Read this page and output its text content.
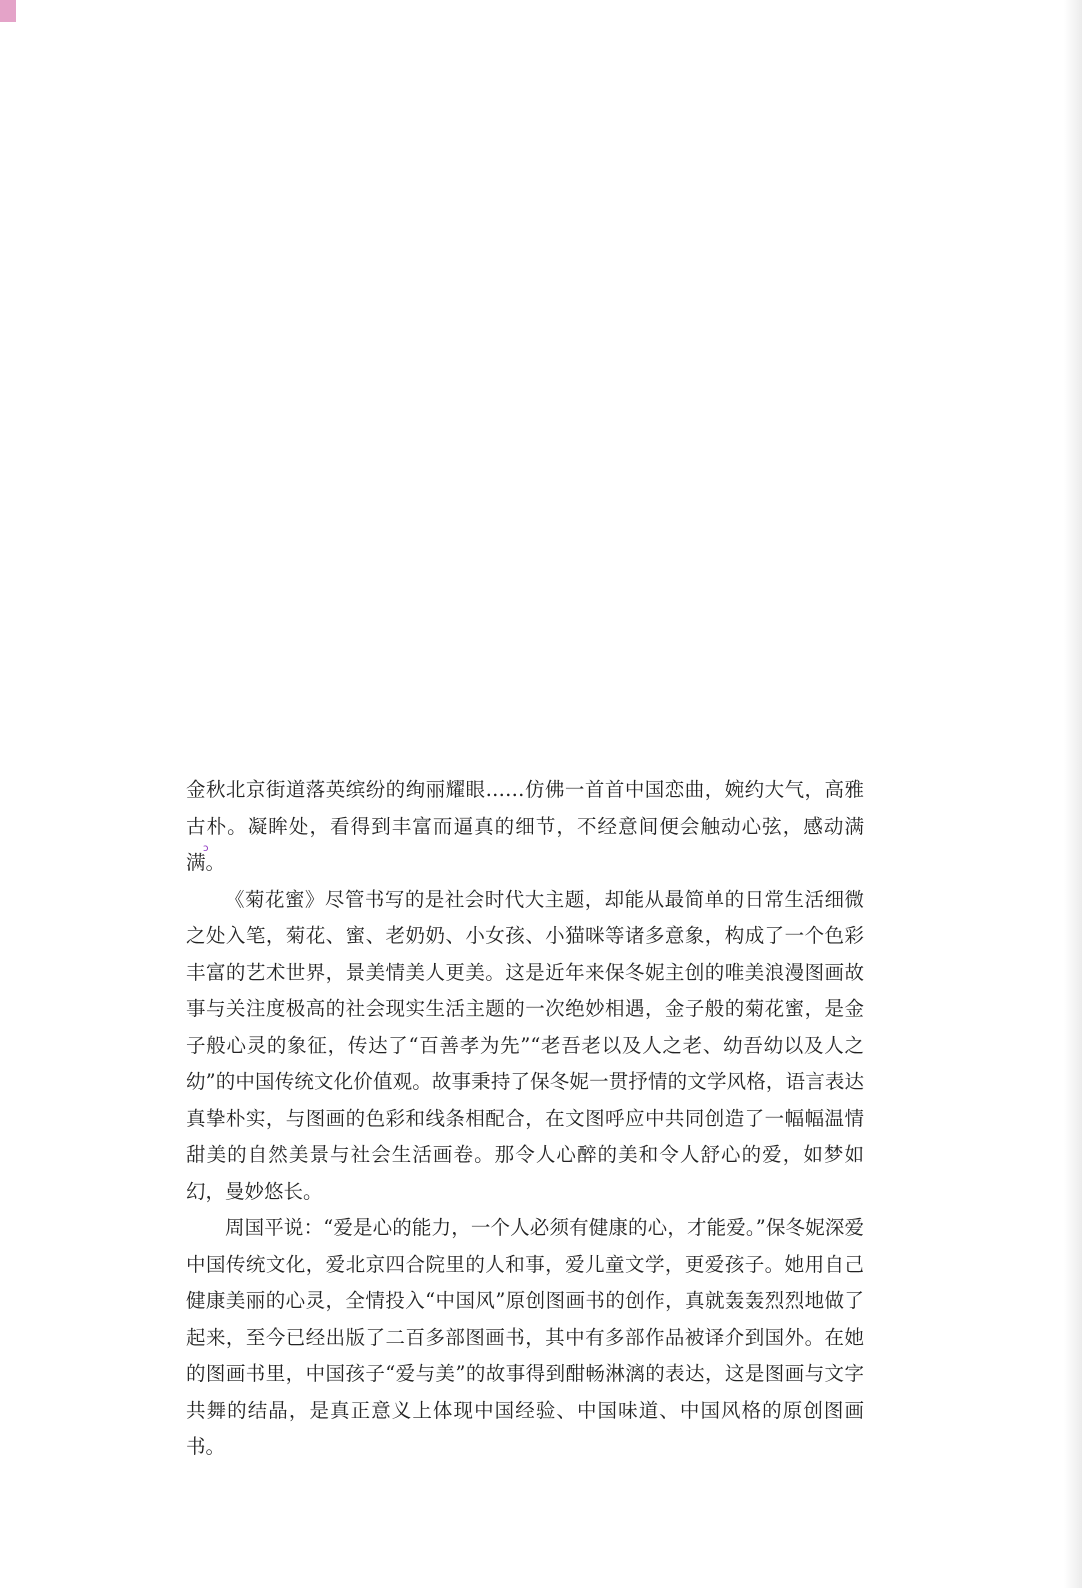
ɔ

金秋北京街道落英缤纷的绚丽耀眼……仿佛一首首中国恋曲，婉约大气，高雅古朴。凝眸处，看得到丰富而逼真的细节，不经意间便会触动心弦，感动满满。

《菊花蜜》尽管书写的是社会时代大主题，却能从最简单的日常生活细微之处入笔，菊花、蜜、老奶奶、小女孩、小猫咪等诸多意象，构成了一个色彩丰富的艺术世界，景美情美人更美。这是近年来保冬妮主创的唯美浪漫图画故事与关注度极高的社会现实生活主题的一次绝妙相遇，金子般的菊花蜜，是金子般心灵的象征，传达了“百善孝为先”“老吾老以及人之老、幼吾幼以及人之幼”的中国传统文化价值观。故事秉持了保冬妮一贯抒情的文学风格，语言表达真挚朴实，与图画的色彩和线条相配合，在文图呼应中共同创造了一幅幅温情甜美的自然美景与社会生活画卷。那令人心醉的美和令人舒心的爱，如梦如幻，曼妙悠长。

周国平说：“爱是心的能力，一个人必须有健康的心，才能爱。”保冬妮深爱中国传统文化，爱北京四合院里的人和事，爱儿童文学，更爱孩子。她用自己健康美丽的心灵，全情投入“中国风”原创图画书的创作，真就轰轰烈烈地做了起来，至今已经出版了二百多部图画书，其中有多部作品被译介到国外。在她的图画书里，中国孩子“爱与美”的故事得到酣畅淋漓的表达，这是图画与文字共舞的结晶，是真正意义上体现中国经验、中国味道、中国风格的原创图画书。
